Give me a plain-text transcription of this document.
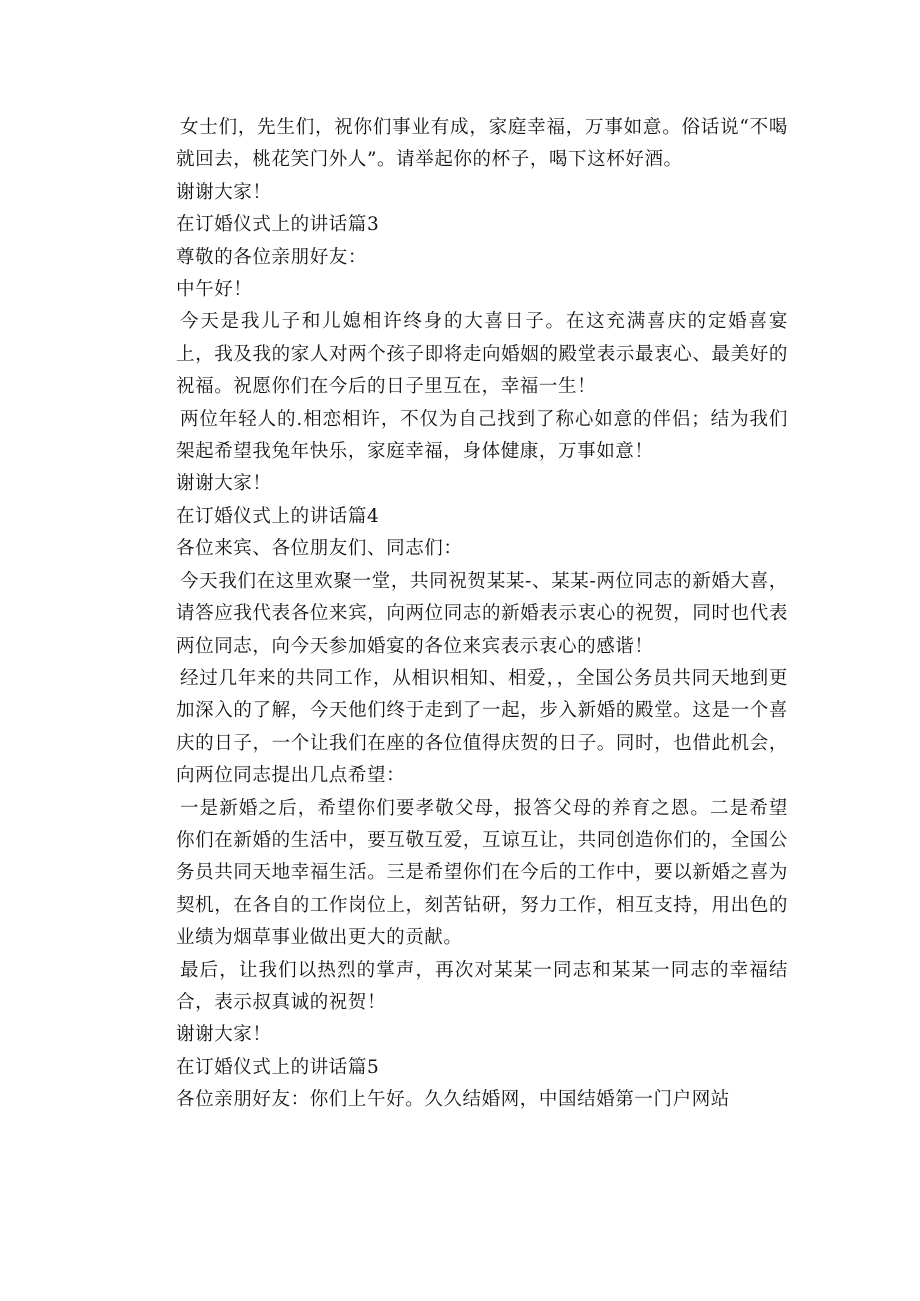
女士们，先生们，祝你们事业有成，家庭幸福，万事如意。俗话说“不喝就回去，桃花笑门外人”。请举起你的杯子，喝下这杯好酒。

谢谢大家！

在订婚仪式上的讲话篇3

尊敬的各位亲朋好友：

中午好！

今天是我儿子和儿媳相许终身的大喜日子。在这充满喜庆的定婚喜宴上，我及我的家人对两个孩子即将走向婚姻的殿堂表示最衷心、最美好的祝福。祝愿你们在今后的日子里互在，幸福一生！

两位年轻人的.相恋相许，不仅为自己找到了称心如意的伴侣；结为我们架起希望我兔年快乐，家庭幸福，身体健康，万事如意！

谢谢大家！

在订婚仪式上的讲话篇4

各位来宾、各位朋友们、同志们：

今天我们在这里欢聚一堂，共同祝贺某某-、某某-两位同志的新婚大喜，请答应我代表各位来宾，向两位同志的新婚表示衷心的祝贺，同时也代表两位同志，向今天参加婚宴的各位来宾表示衷心的感谐！

经过几年来的共同工作，从相识相知、相爱，，全国公务员共同天地到更加深入的了解，今天他们终于走到了一起，步入新婚的殿堂。这是一个喜庆的日子，一个让我们在座的各位值得庆贺的日子。同时，也借此机会，向两位同志提出几点希望：

一是新婚之后，希望你们要孝敬父母，报答父母的养育之恩。二是希望你们在新婚的生活中，要互敬互爱，互谅互让，共同创造你们的，全国公务员共同天地幸福生活。三是希望你们在今后的工作中，要以新婚之喜为契机，在各自的工作岗位上，刻苦钻研，努力工作，相互支持，用出色的业绩为烟草事业做出更大的贡献。

最后，让我们以热烈的掌声，再次对某某一同志和某某一同志的幸福结合，表示叔真诚的祝贺！

谢谢大家！

在订婚仪式上的讲话篇5

各位亲朋好友：你们上午好。久久结婚网，中国结婚第一门户网站
